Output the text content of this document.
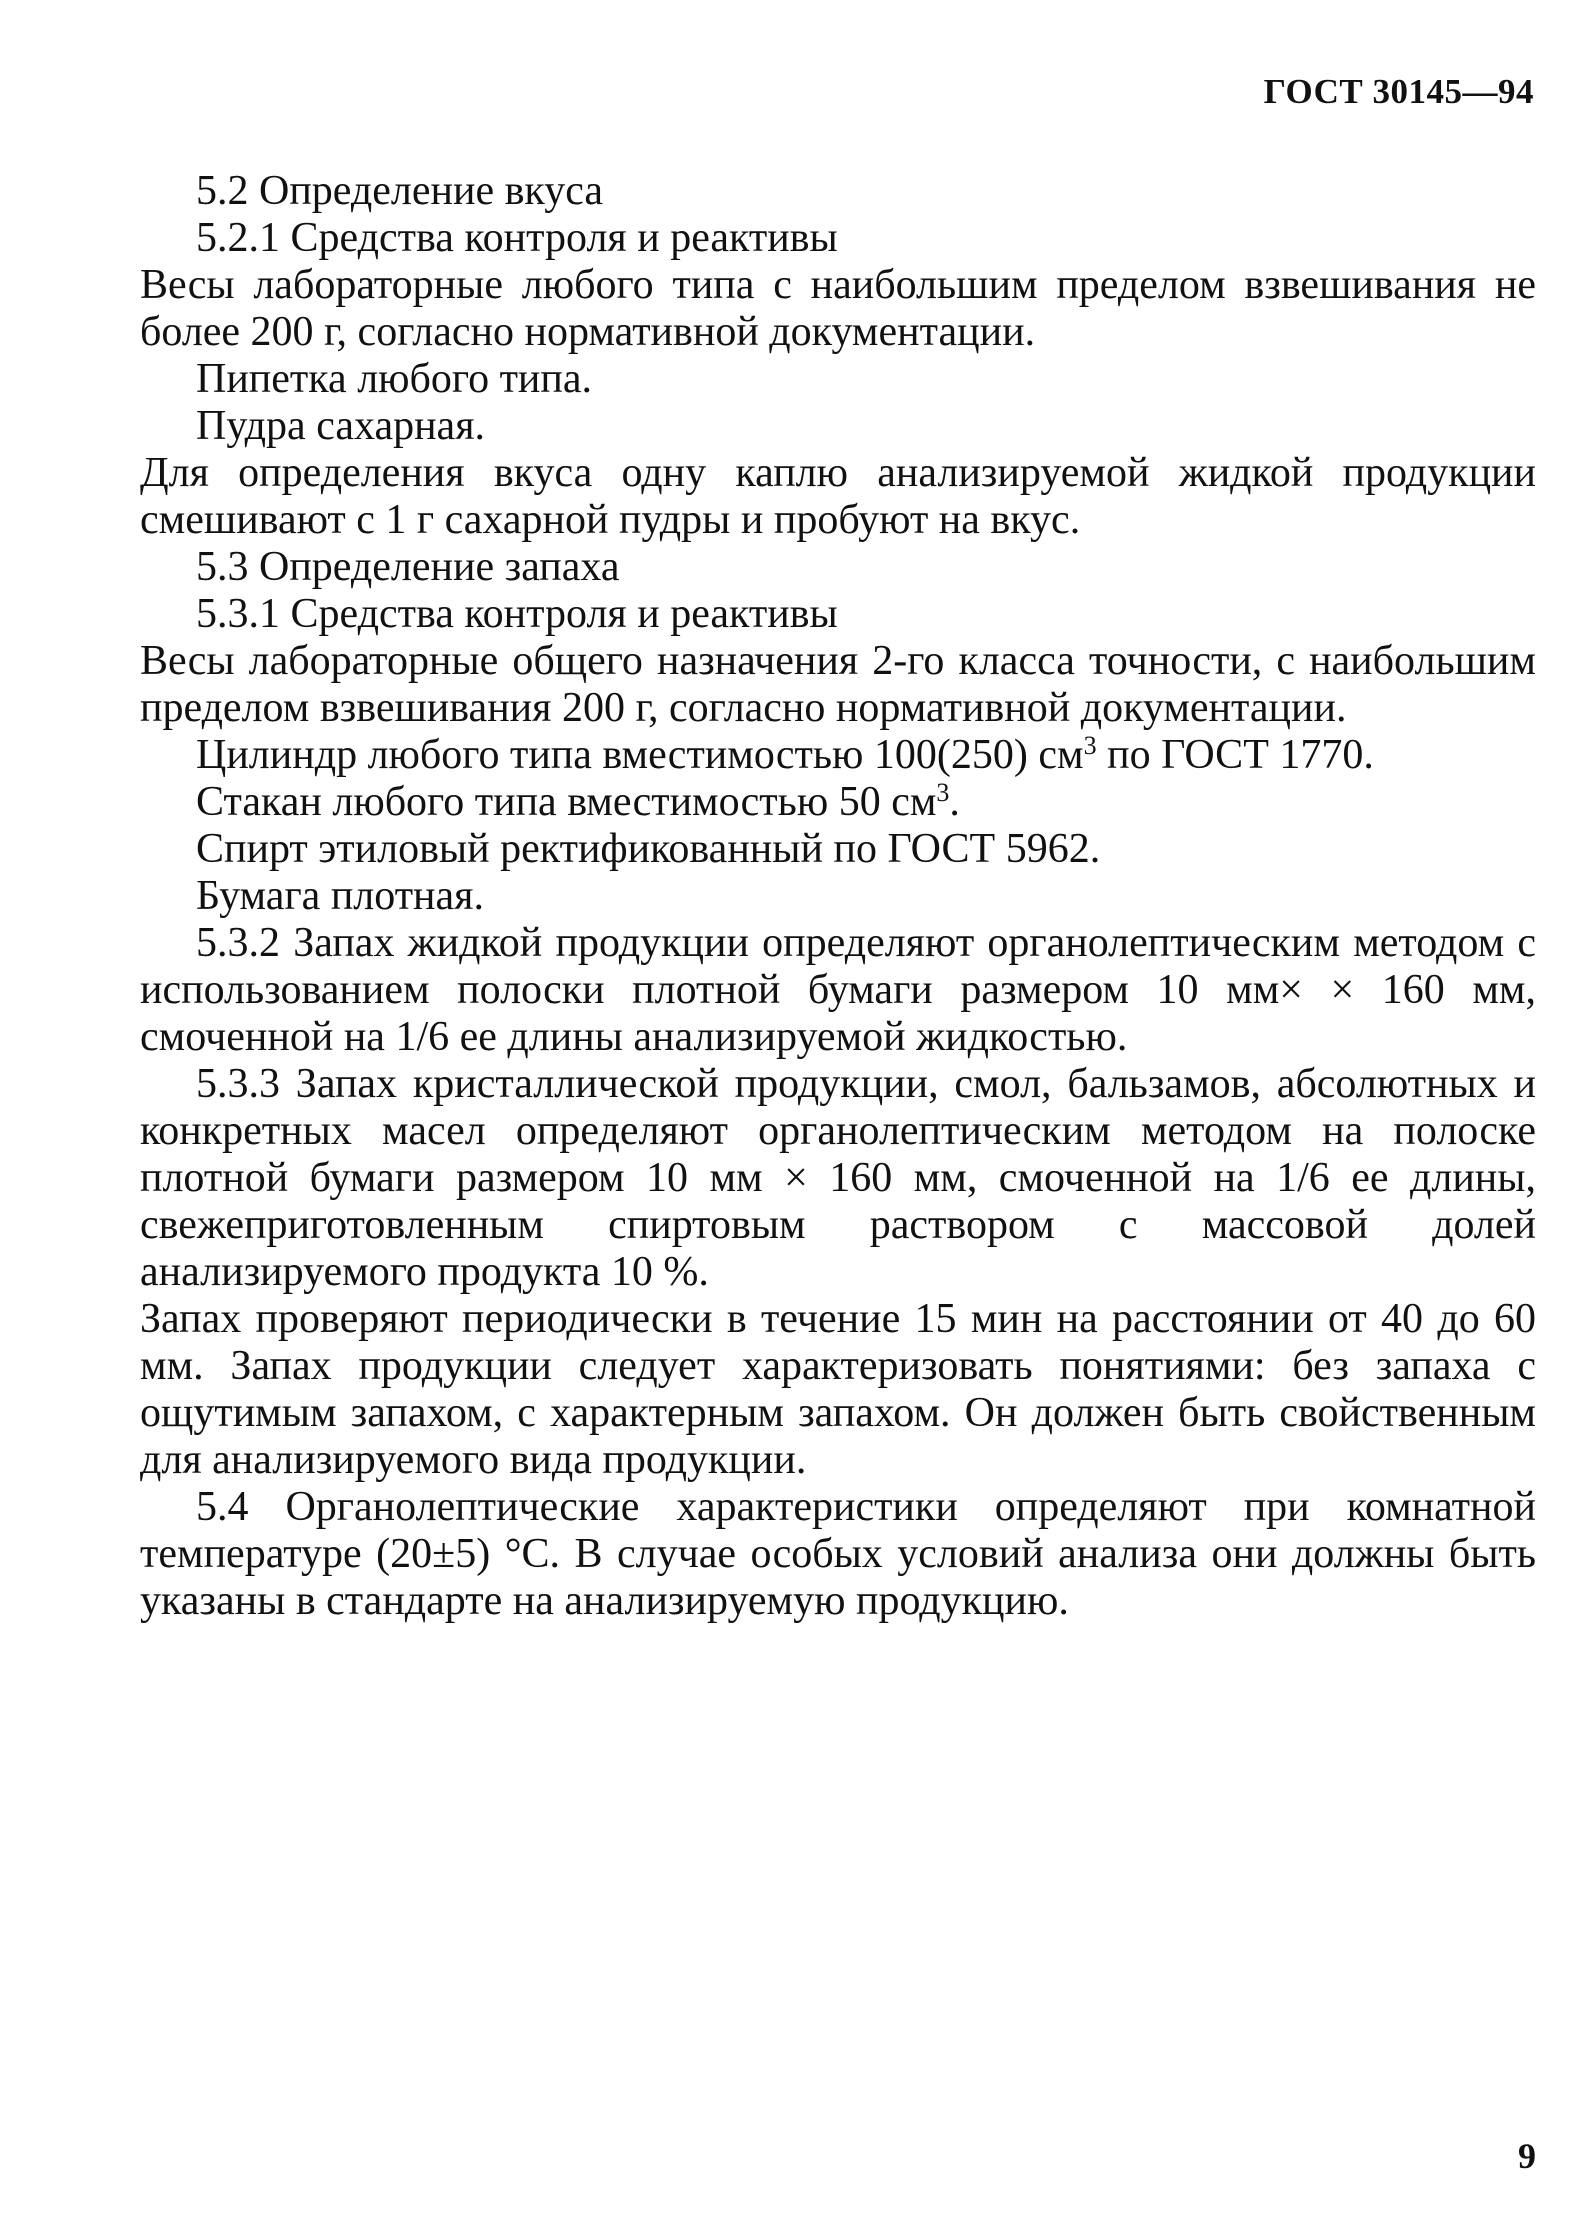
ГОСТ 30145—94

5.2 Определение вкуса

5.2.1 Средства контроля и реактивы

Весы лабораторные любого типа с наибольшим пределом взвешивания не более 200 г, согласно нормативной документации.

Пипетка любого типа.

Пудра сахарная.

Для определения вкуса одну каплю анализируемой жидкой продукции смешивают с 1 г сахарной пудры и пробуют на вкус.

5.3 Определение запаха

5.3.1 Средства контроля и реактивы

Весы лабораторные общего назначения 2-го класса точности, с наибольшим пределом взвешивания 200 г, согласно нормативной документации.

Цилиндр любого типа вместимостью 100(250) $см^3$ по ГОСТ 1770.

Стакан любого типа вместимостью 50 $см^3$.

Спирт этиловый ректификованный по ГОСТ 5962.

Бумага плотная.

5.3.2 Запах жидкой продукции определяют органолептическим методом с использованием полоски плотной бумаги размером 10 мм× × 160 мм, смоченной на 1/6 ее длины анализируемой жидкостью.

5.3.3 Запах кристаллической продукции, смол, бальзамов, абсолютных и конкретных масел определяют органолептическим методом на полоске плотной бумаги размером 10 мм × 160 мм, смоченной на 1/6 ее длины, свежеприготовленным спиртовым раствором с массовой долей анализируемого продукта 10 %.

Запах проверяют периодически в течение 15 мин на расстоянии от 40 до 60 мм. Запах продукции следует характеризовать понятиями: без запаха с ощутимым запахом, с характерным запахом. Он должен быть свойственным для анализируемого вида продукции.

5.4 Органолептические характеристики определяют при комнатной температуре (20±5) °С. В случае особых условий анализа они должны быть указаны в стандарте на анализируемую продукцию.

9
